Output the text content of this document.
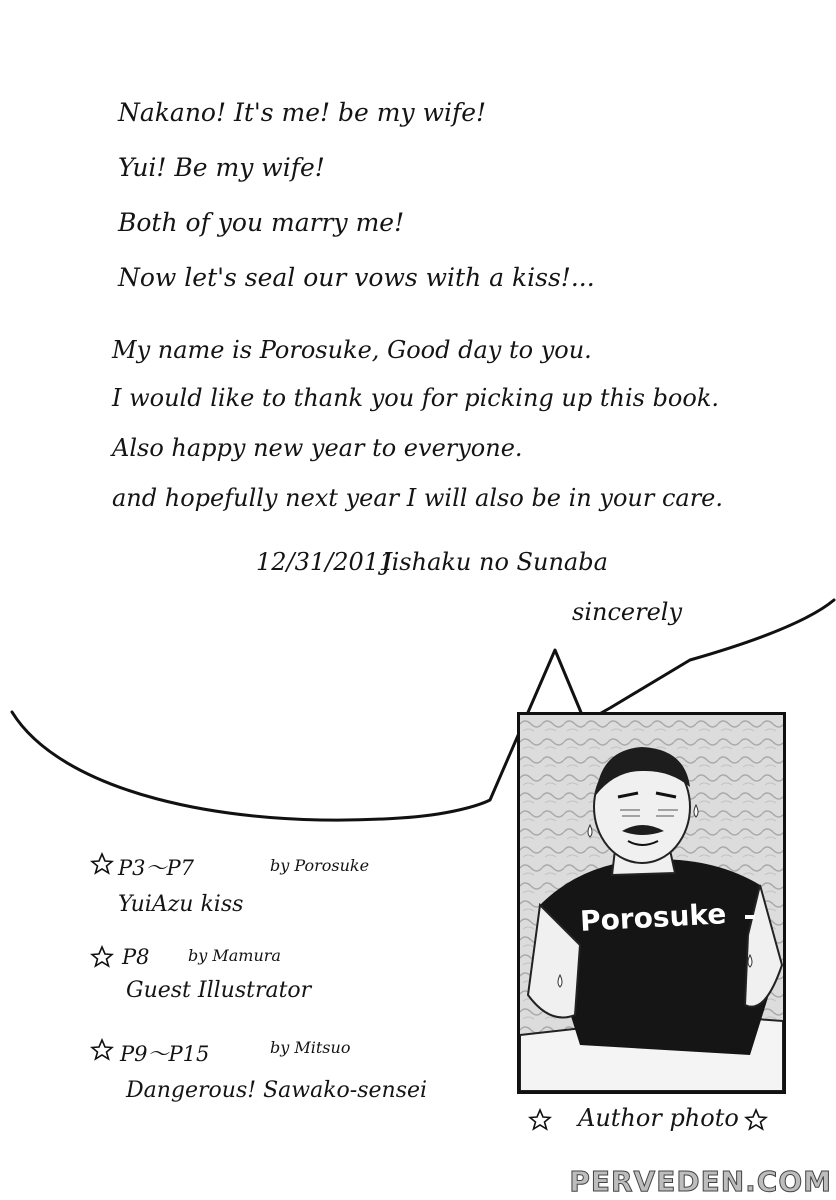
Nakano! It's me! be my wife!
Yui! Be my wife!
Both of you marry me!
Now let's seal our vows with a kiss!...
My name is Porosuke, Good day to you.
I would like to thank you for picking up this book.
Also happy new year to everyone.
and hopefully next year I will also be in your care.
12/31/2011
Jishaku no Sunaba
sincerely
P3～P7	by Porosuke
YuiAzu kiss
P8 by Mamura
Guest Illustrator
P9～P15	by Mitsuo
Dangerous! Sawako-sensei
Porosuke
Author photo
PERVEDEN.COM
